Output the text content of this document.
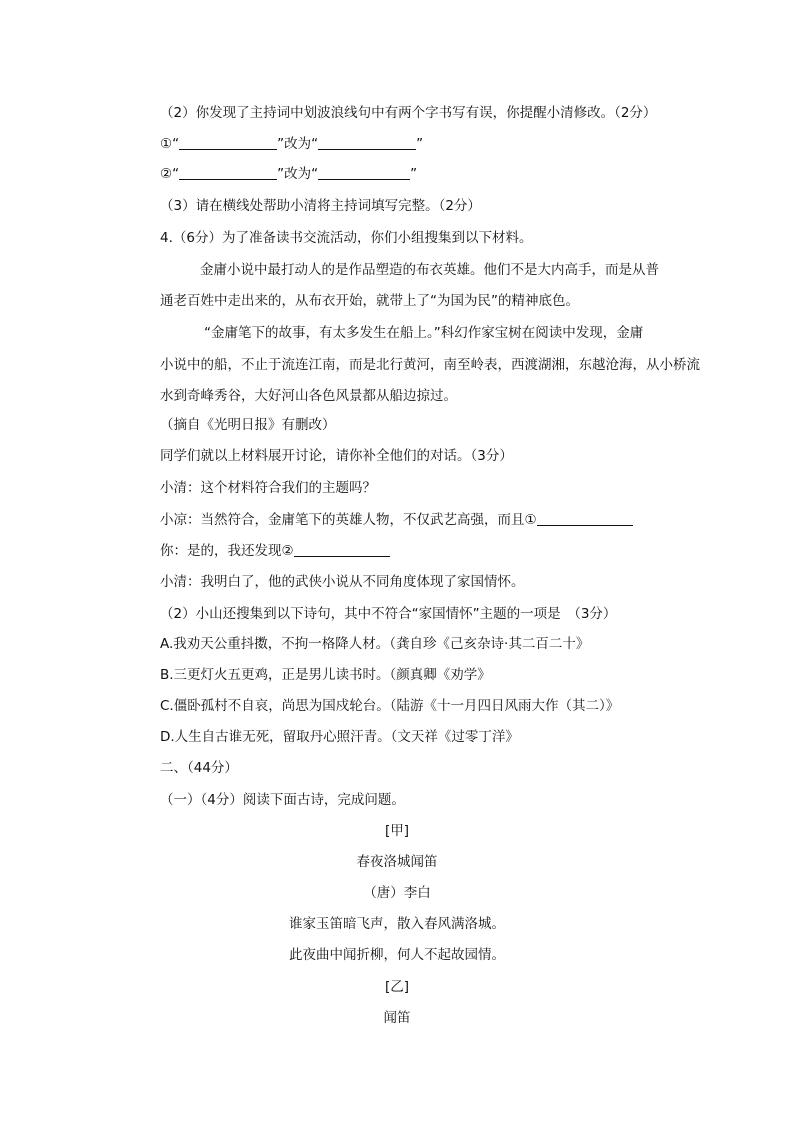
（2）你发现了主持词中划波浪线句中有两个字书写有误，你提醒小清修改。（2分）
①“	”改为“	”
②“	”改为“	”
（3）请在横线处帮助小清将主持词填写完整。（2分）
4.（6分）为了准备读书交流活动，你们小组搜集到以下材料。
金庸小说中最打动人的是作品塑造的布衣英雄。他们不是大内高手，而是从普
通老百姓中走出来的，从布衣开始，就带上了“为国为民”的精神底色。
“金庸笔下的故事，有太多发生在船上。”科幻作家宝树在阅读中发现，金庸
小说中的船，不止于流连江南，而是北行黄河，南至岭表，西渡湖湘，东越沧海，从小桥流
水到奇峰秀谷，大好河山各色风景都从船边掠过。
（摘自《光明日报》有删改）
同学们就以上材料展开讨论，请你补全他们的对话。（3分）
小清：这个材料符合我们的主题吗？
小凉：当然符合，金庸笔下的英雄人物，不仅武艺高强，而且①
你：是的，我还发现②
小清：我明白了，他的武侠小说从不同角度体现了家国情怀。
（2）小山还搜集到以下诗句，其中不符合“家国情怀”主题的一项是　（3分）
A.我劝天公重抖擞，不拘一格降人材。（龚自珍《己亥杂诗·其二百二十》
B.三更灯火五更鸡，正是男儿读书时。（颜真卿《劝学》
C.僵卧孤村不自哀，尚思为国戍轮台。（陆游《十一月四日风雨大作（其二）》
D.人生自古谁无死，留取丹心照汗青。（文天祥《过零丁洋》
二、（44分）
（一）（4分）阅读下面古诗，完成问题。
[甲]
春夜洛城闻笛
（唐）李白
谁家玉笛暗飞声，散入春风满洛城。
此夜曲中闻折柳，何人不起故园情。
[乙]
闻笛
